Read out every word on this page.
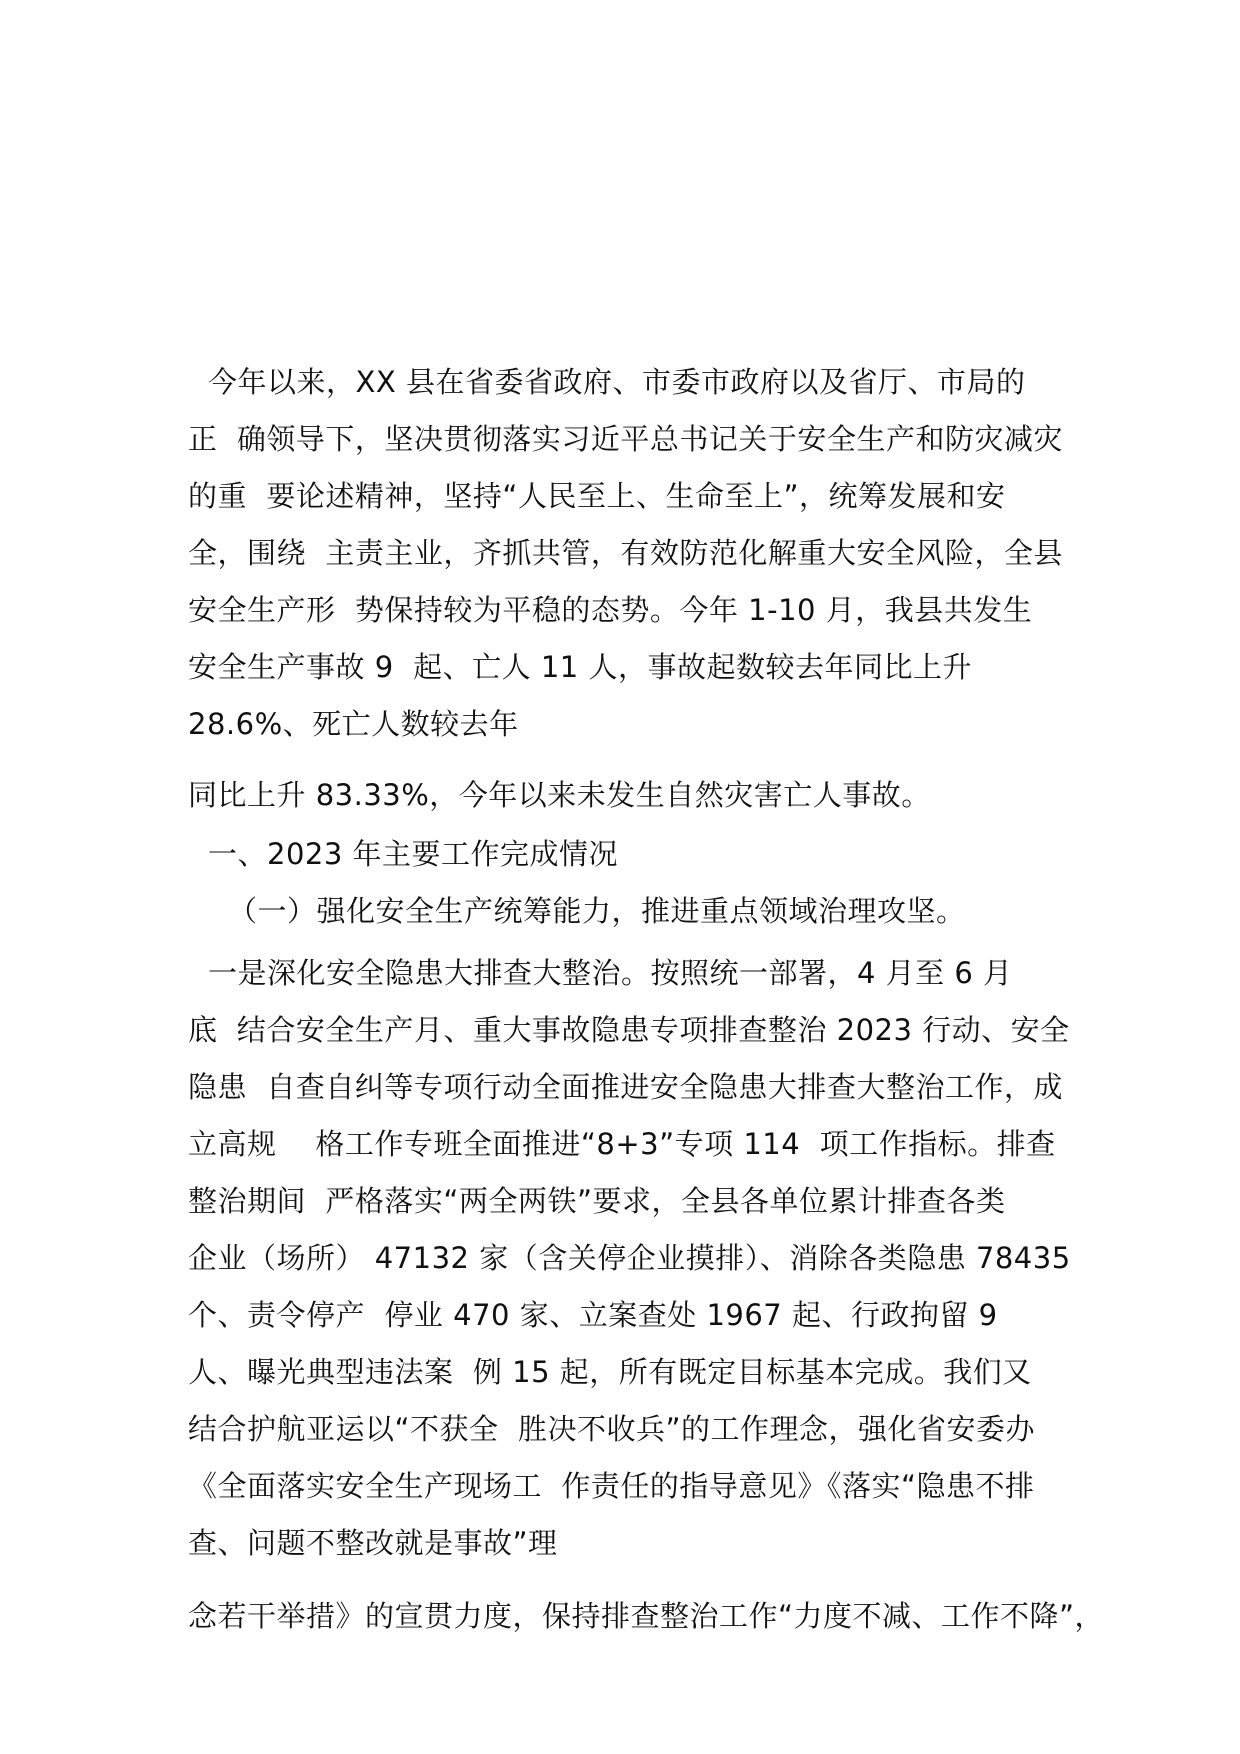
今年以来，XX 县在省委省政府、市委市政府以及省厅、市局的
正  确领导下，坚决贯彻落实习近平总书记关于安全生产和防灾减灾
的重  要论述精神，坚持“人民至上、生命至上”，统筹发展和安
全，围绕  主责主业，齐抓共管，有效防范化解重大安全风险，全县
安全生产形  势保持较为平稳的态势。今年 1-10 月，我县共发生
安全生产事故 9  起、亡人 11 人，事故起数较去年同比上升
28.6%、死亡人数较去年
同比上升 83.33%，今年以来未发生自然灾害亡人事故。
一、2023 年主要工作完成情况
（一）强化安全生产统筹能力，推进重点领域治理攻坚。
一是深化安全隐患大排查大整治。按照统一部署，4 月至 6 月
底  结合安全生产月、重大事故隐患专项排查整治 2023 行动、安全
隐患  自查自纠等专项行动全面推进安全隐患大排查大整治工作，成
立高规    格工作专班全面推进“8+3”专项 114  项工作指标。排查
整治期间  严格落实“两全两铁”要求，全县各单位累计排查各类
企业（场所） 47132 家（含关停企业摸排）、消除各类隐患 78435
个、责令停产  停业 470 家、立案查处 1967 起、行政拘留 9
人、曝光典型违法案  例 15 起，所有既定目标基本完成。我们又
结合护航亚运以“不获全  胜决不收兵”的工作理念，强化省安委办
《全面落实安全生产现场工  作责任的指导意见》《落实“隐患不排
查、问题不整改就是事故”理
念若干举措》的宣贯力度，保持排查整治工作“力度不减、工作不降”，
